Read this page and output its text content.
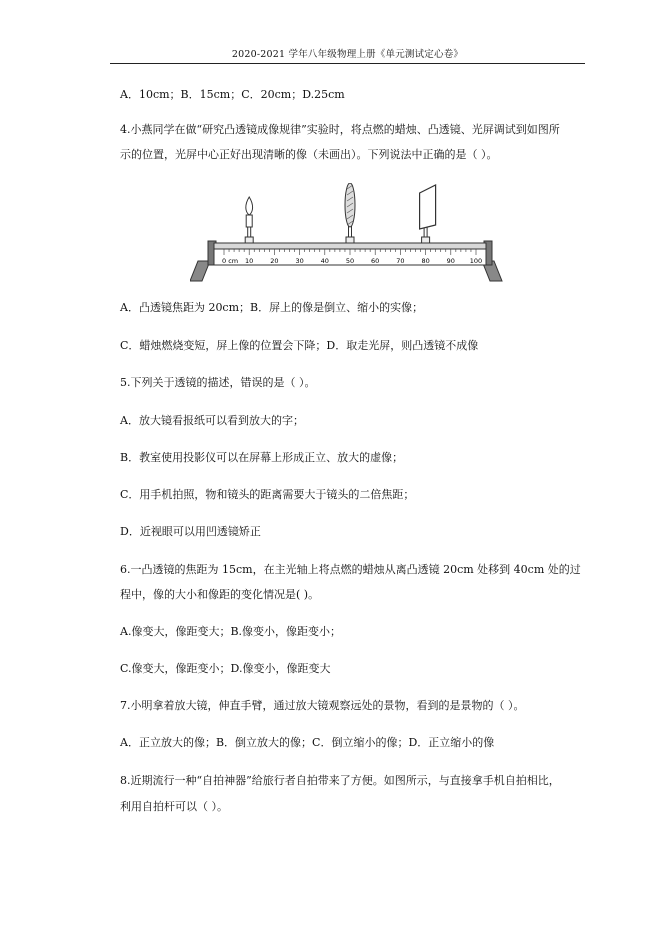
2020-2021 学年八年级物理上册《单元测试定心卷》
A．10cm；B．15cm；C．20cm；D.25cm
4.小燕同学在做“研究凸透镜成像规律”实验时，将点燃的蜡烛、凸透镜、光屏调试到如图所
示的位置，光屏中心正好出现清晰的像（未画出）。下列说法中正确的是（ ）。
0 cm 10	20	30	40	50	60	70	80	90 100
A．凸透镜焦距为 20cm；B．屏上的像是倒立、缩小的实像；
C．蜡烛燃烧变短，屏上像的位置会下降；D．取走光屏，则凸透镜不成像
5.下列关于透镜的描述，错误的是（ ）。
A．放大镜看报纸可以看到放大的字；
B．教室使用投影仪可以在屏幕上形成正立、放大的虚像；
C．用手机拍照，物和镜头的距离需要大于镜头的二倍焦距；
D．近视眼可以用凹透镜矫正
6.一凸透镜的焦距为 15cm，在主光轴上将点燃的蜡烛从离凸透镜 20cm 处移到 40cm 处的过
程中，像的大小和像距的变化情况是( )。
A.像变大，像距变大；B.像变小，像距变小；
C.像变大，像距变小；D.像变小，像距变大
7.小明拿着放大镜，伸直手臂，通过放大镜观察远处的景物，看到的是景物的（ ）。
A．正立放大的像；B．倒立放大的像；C．倒立缩小的像；D．正立缩小的像
8.近期流行一种“自拍神器”给旅行者自拍带来了方便。如图所示，与直接拿手机自拍相比，
利用自拍杆可以（ ）。
